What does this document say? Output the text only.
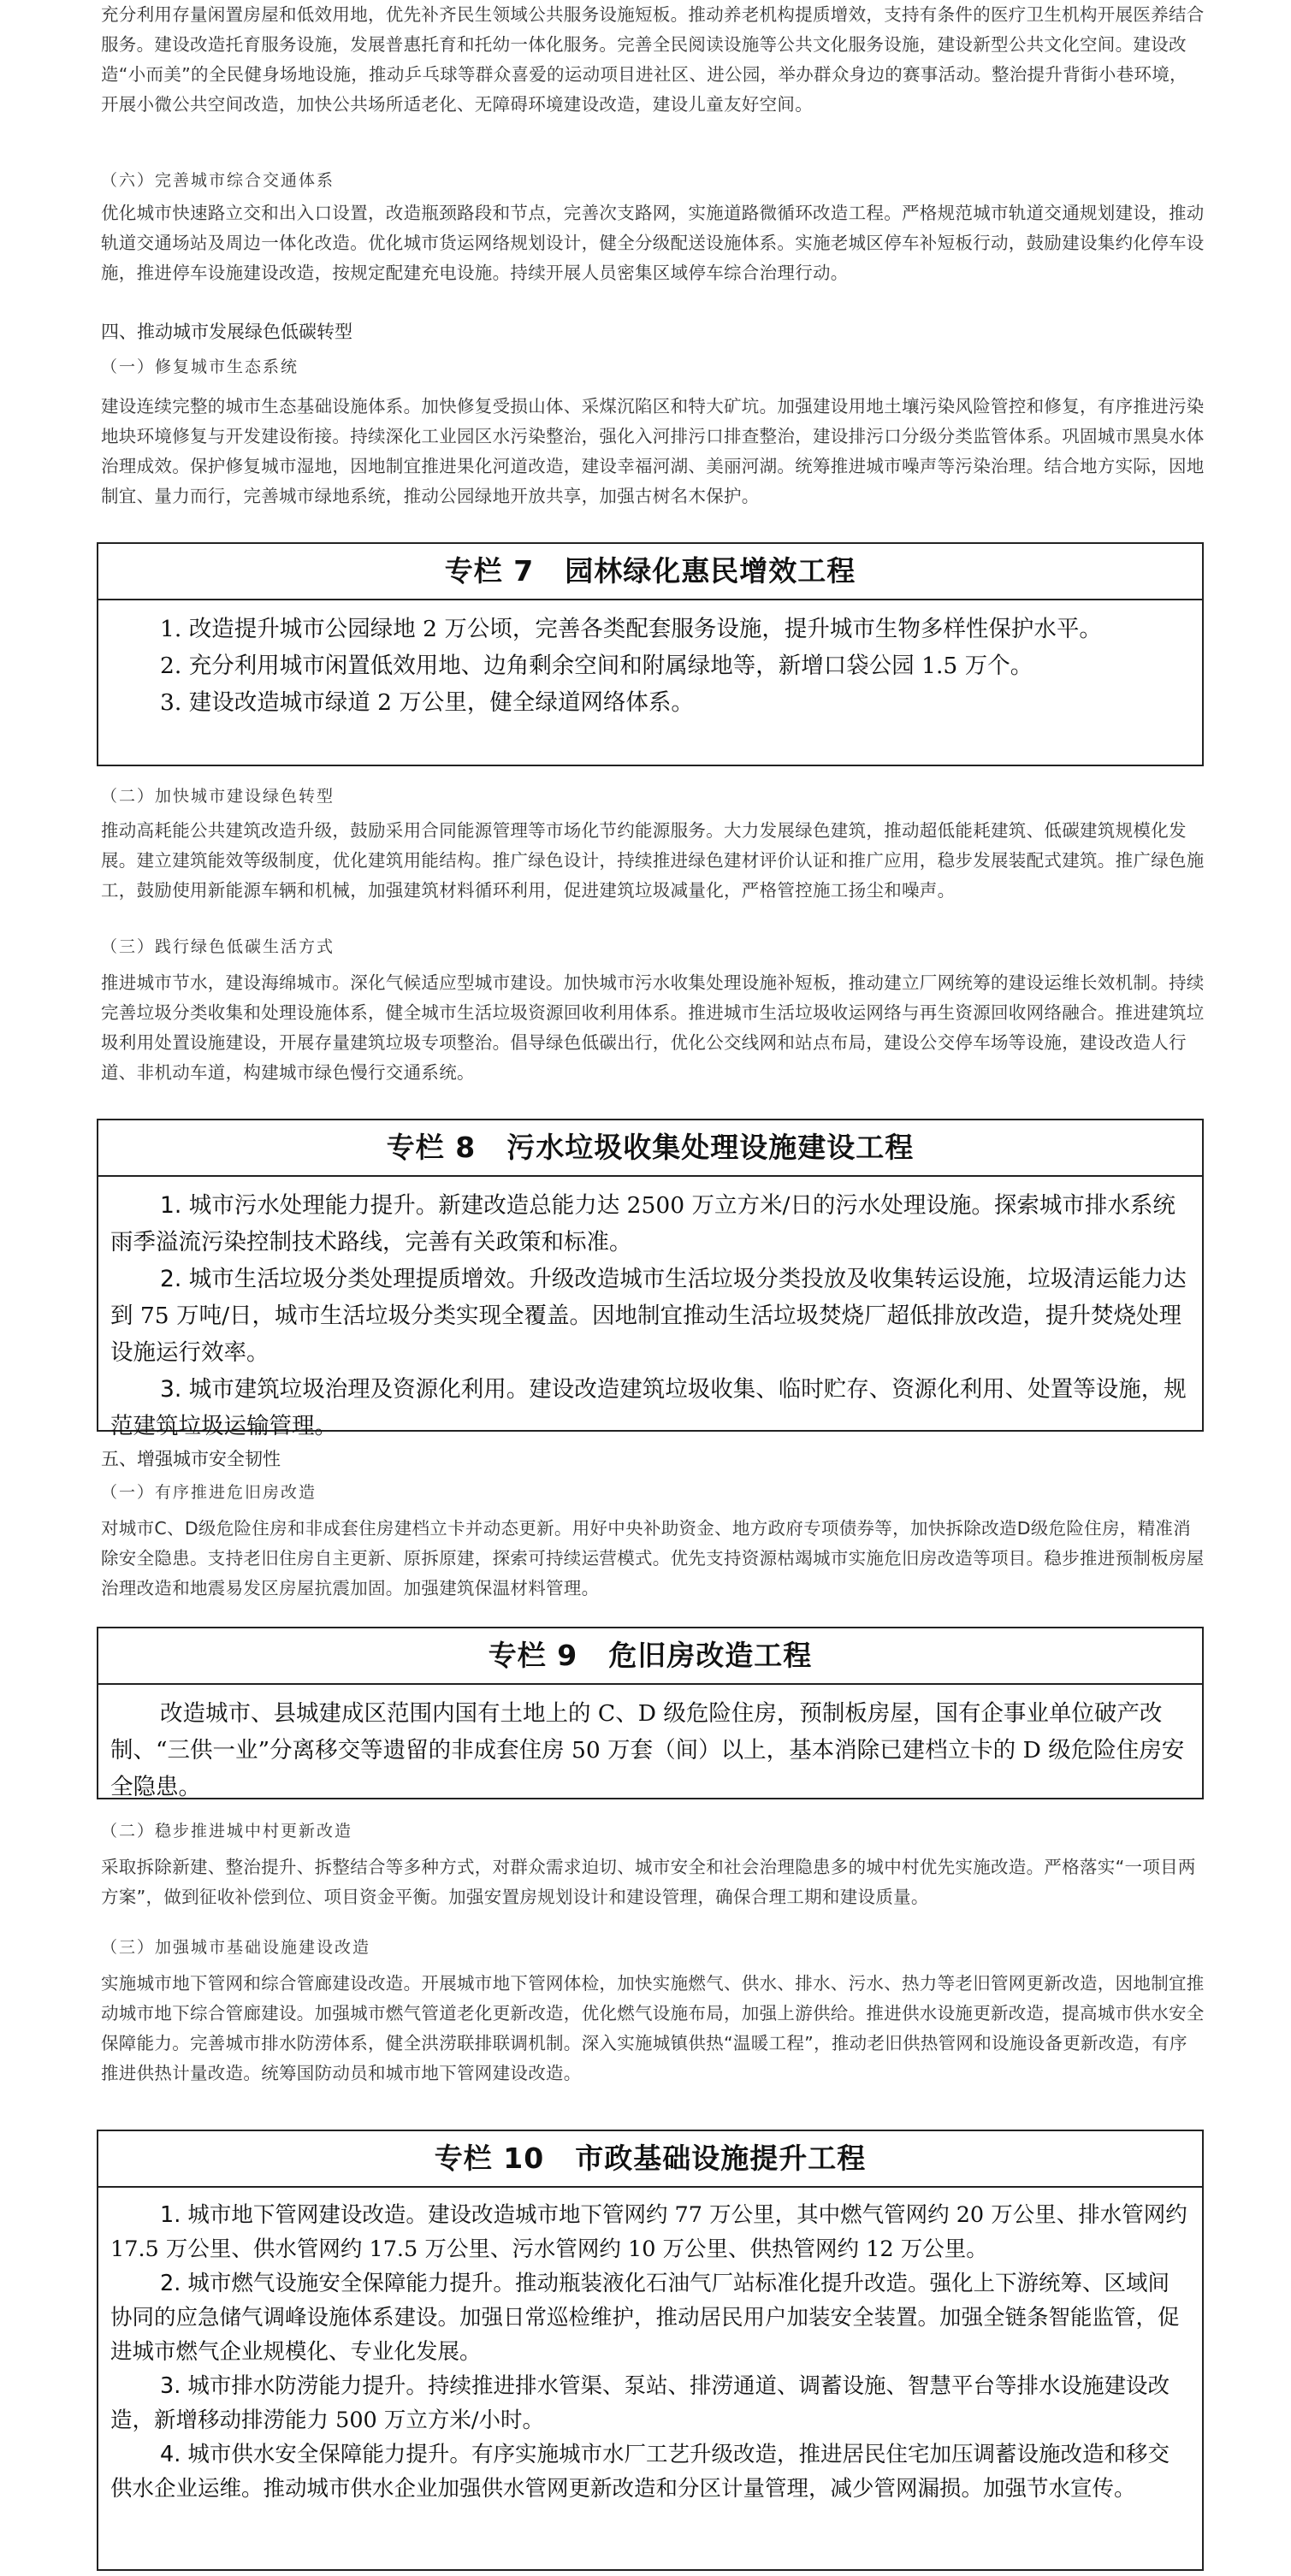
充分利用存量闲置房屋和低效用地，优先补齐民生领域公共服务设施短板。推动养老机构提质增效，支持有条件的医疗卫生机构开展医养结合服务。建设改造托育服务设施，发展普惠托育和托幼一体化服务。完善全民阅读设施等公共文化服务设施，建设新型公共文化空间。建设改造“小而美”的全民健身场地设施，推动乒乓球等群众喜爱的运动项目进社区、进公园，举办群众身边的赛事活动。整治提升背街小巷环境，开展小微公共空间改造，加快公共场所适老化、无障碍环境建设改造，建设儿童友好空间。
（六）完善城市综合交通体系
优化城市快速路立交和出入口设置，改造瓶颈路段和节点，完善次支路网，实施道路微循环改造工程。严格规范城市轨道交通规划建设，推动轨道交通场站及周边一体化改造。优化城市货运网络规划设计，健全分级配送设施体系。实施老城区停车补短板行动，鼓励建设集约化停车设施，推进停车设施建设改造，按规定配建充电设施。持续开展人员密集区域停车综合治理行动。
四、推动城市发展绿色低碳转型
（一）修复城市生态系统
建设连续完整的城市生态基础设施体系。加快修复受损山体、采煤沉陷区和特大矿坑。加强建设用地土壤污染风险管控和修复，有序推进污染地块环境修复与开发建设衔接。持续深化工业园区水污染整治，强化入河排污口排查整治，建设排污口分级分类监管体系。巩固城市黑臭水体治理成效。保护修复城市湿地，因地制宜推进果化河道改造，建设幸福河湖、美丽河湖。统筹推进城市噪声等污染治理。结合地方实际，因地制宜、量力而行，完善城市绿地系统，推动公园绿地开放共享，加强古树名木保护。
专栏 7 园林绿化惠民增效工程

1. 改造提升城市公园绿地 2 万公顷，完善各类配套服务设施，提升城市生物多样性保护水平。

2. 充分利用城市闲置低效用地、边角剩余空间和附属绿地等，新增口袋公园 1.5 万个。

3. 建设改造城市绿道 2 万公里，健全绿道网络体系。

（二）加快城市建设绿色转型
推动高耗能公共建筑改造升级，鼓励采用合同能源管理等市场化节约能源服务。大力发展绿色建筑，推动超低能耗建筑、低碳建筑规模化发展。建立建筑能效等级制度，优化建筑用能结构。推广绿色设计，持续推进绿色建材评价认证和推广应用，稳步发展装配式建筑。推广绿色施工，鼓励使用新能源车辆和机械，加强建筑材料循环利用，促进建筑垃圾减量化，严格管控施工扬尘和噪声。
（三）践行绿色低碳生活方式
推进城市节水，建设海绵城市。深化气候适应型城市建设。加快城市污水收集处理设施补短板，推动建立厂网统筹的建设运维长效机制。持续完善垃圾分类收集和处理设施体系，健全城市生活垃圾资源回收利用体系。推进城市生活垃圾收运网络与再生资源回收网络融合。推进建筑垃圾利用处置设施建设，开展存量建筑垃圾专项整治。倡导绿色低碳出行，优化公交线网和站点布局，建设公交停车场等设施，建设改造人行道、非机动车道，构建城市绿色慢行交通系统。
专栏 8 污水垃圾收集处理设施建设工程

1. 城市污水处理能力提升。新建改造总能力达 2500 万立方米/日的污水处理设施。探索城市排水系统雨季溢流污染控制技术路线，完善有关政策和标准。

2. 城市生活垃圾分类处理提质增效。升级改造城市生活垃圾分类投放及收集转运设施，垃圾清运能力达到 75 万吨/日，城市生活垃圾分类实现全覆盖。因地制宜推动生活垃圾焚烧厂超低排放改造，提升焚烧处理设施运行效率。

3. 城市建筑垃圾治理及资源化利用。建设改造建筑垃圾收集、临时贮存、资源化利用、处置等设施，规范建筑垃圾运输管理。

五、增强城市安全韧性
（一）有序推进危旧房改造
对城市C、D级危险住房和非成套住房建档立卡并动态更新。用好中央补助资金、地方政府专项债券等，加快拆除改造D级危险住房，精准消除安全隐患。支持老旧住房自主更新、原拆原建，探索可持续运营模式。优先支持资源枯竭城市实施危旧房改造等项目。稳步推进预制板房屋治理改造和地震易发区房屋抗震加固。加强建筑保温材料管理。
专栏 9 危旧房改造工程

改造城市、县城建成区范围内国有土地上的 C、D 级危险住房，预制板房屋，国有企事业单位破产改制、“三供一业”分离移交等遗留的非成套住房 50 万套（间）以上，基本消除已建档立卡的 D 级危险住房安全隐患。

（二）稳步推进城中村更新改造
采取拆除新建、整治提升、拆整结合等多种方式，对群众需求迫切、城市安全和社会治理隐患多的城中村优先实施改造。严格落实“一项目两方案”，做到征收补偿到位、项目资金平衡。加强安置房规划设计和建设管理，确保合理工期和建设质量。
（三）加强城市基础设施建设改造
实施城市地下管网和综合管廊建设改造。开展城市地下管网体检，加快实施燃气、供水、排水、污水、热力等老旧管网更新改造，因地制宜推动城市地下综合管廊建设。加强城市燃气管道老化更新改造，优化燃气设施布局，加强上游供给。推进供水设施更新改造，提高城市供水安全保障能力。完善城市排水防涝体系，健全洪涝联排联调机制。深入实施城镇供热“温暖工程”，推动老旧供热管网和设施设备更新改造，有序推进供热计量改造。统筹国防动员和城市地下管网建设改造。
专栏 10 市政基础设施提升工程

1. 城市地下管网建设改造。建设改造城市地下管网约 77 万公里，其中燃气管网约 20 万公里、排水管网约 17.5 万公里、供水管网约 17.5 万公里、污水管网约 10 万公里、供热管网约 12 万公里。

2. 城市燃气设施安全保障能力提升。推动瓶装液化石油气厂站标准化提升改造。强化上下游统筹、区域间协同的应急储气调峰设施体系建设。加强日常巡检维护，推动居民用户加装安全装置。加强全链条智能监管，促进城市燃气企业规模化、专业化发展。

3. 城市排水防涝能力提升。持续推进排水管渠、泵站、排涝通道、调蓄设施、智慧平台等排水设施建设改造，新增移动排涝能力 500 万立方米/小时。

4. 城市供水安全保障能力提升。有序实施城市水厂工艺升级改造，推进居民住宅加压调蓄设施改造和移交供水企业运维。推动城市供水企业加强供水管网更新改造和分区计量管理，减少管网漏损。加强节水宣传。
